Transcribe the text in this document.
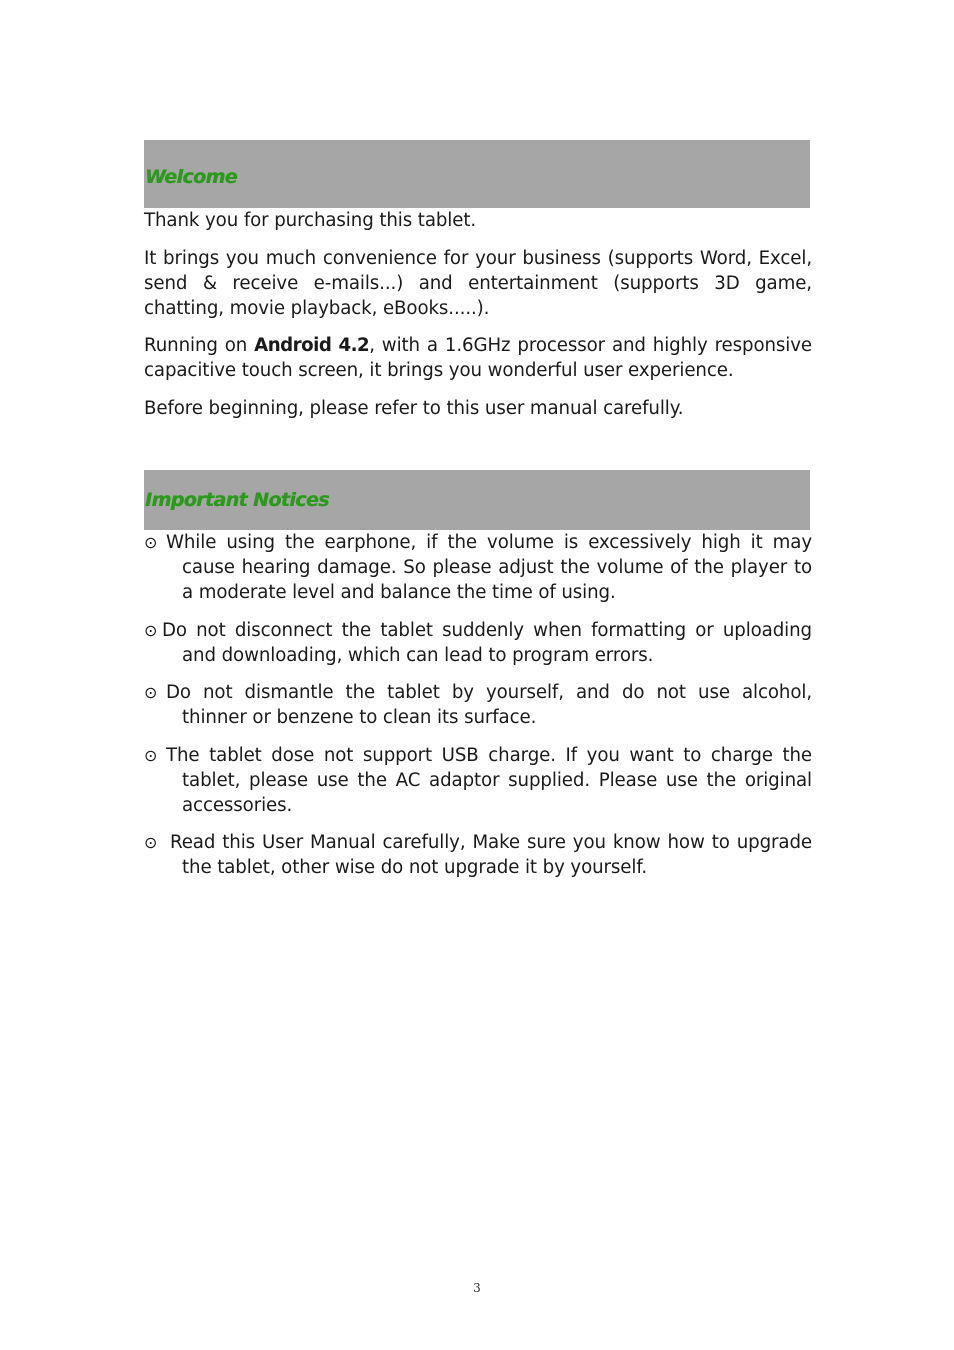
Welcome

Thank you for purchasing this tablet.

It brings you much convenience for your business (supports Word, Excel, send & receive e-mails...) and entertainment (supports 3D game, chatting, movie playback, eBooks.....).

Running on Android 4.2, with a 1.6GHz processor and highly responsive capacitive touch screen, it brings you wonderful user experience.

Before beginning, please refer to this user manual carefully.

Important Notices

⊙ While using the earphone, if the volume is excessively high it may cause hearing damage. So please adjust the volume of the player to a moderate level and balance the time of using.

⊙ Do not disconnect the tablet suddenly when formatting or uploading and downloading, which can lead to program errors.

⊙ Do not dismantle the tablet by yourself, and do not use alcohol, thinner or benzene to clean its surface.

⊙ The tablet dose not support USB charge. If you want to charge the tablet, please use the AC adaptor supplied. Please use the original accessories.

⊙ Read this User Manual carefully, Make sure you know how to upgrade the tablet, other wise do not upgrade it by yourself.

3
